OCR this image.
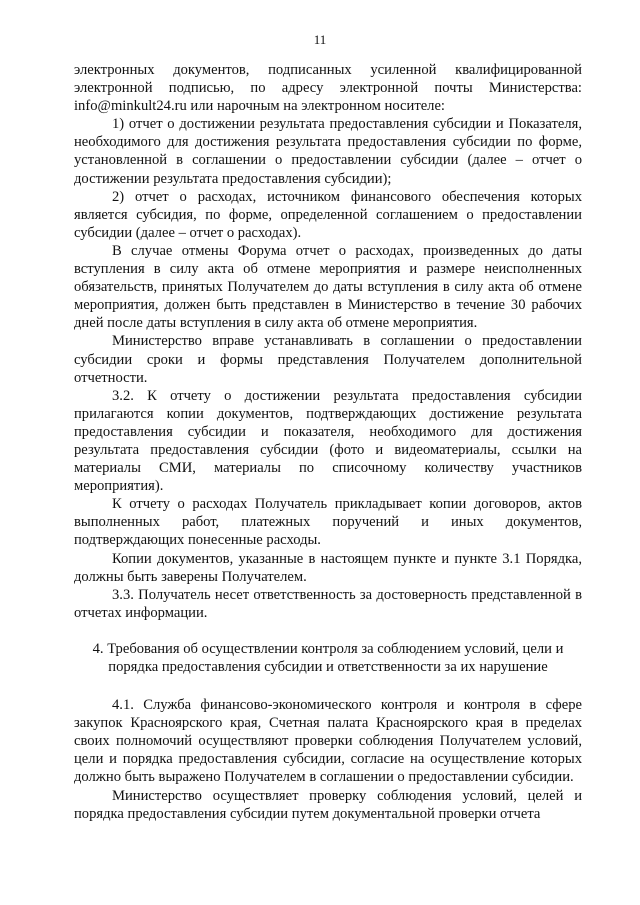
11

электронных документов, подписанных усиленной квалифицированной электронной подписью, по адресу электронной почты Министерства: info@minkult24.ru или нарочным на электронном носителе:

1) отчет о достижении результата предоставления субсидии и Показателя, необходимого для достижения результата предоставления субсидии по форме, установленной в соглашении о предоставлении субсидии (далее – отчет о достижении результата предоставления субсидии);

2) отчет о расходах, источником финансового обеспечения которых является субсидия, по форме, определенной соглашением о предоставлении субсидии (далее – отчет о расходах).

В случае отмены Форума отчет о расходах, произведенных до даты вступления в силу акта об отмене мероприятия и размере неисполненных обязательств, принятых Получателем до даты вступления в силу акта об отмене мероприятия, должен быть представлен в Министерство в течение 30 рабочих дней после даты вступления в силу акта об отмене мероприятия.

Министерство вправе устанавливать в соглашении о предоставлении субсидии сроки и формы представления Получателем дополнительной отчетности.

3.2. К отчету о достижении результата предоставления субсидии прилагаются копии документов, подтверждающих достижение результата предоставления субсидии и показателя, необходимого для достижения результата предоставления субсидии (фото и видеоматериалы, ссылки на материалы СМИ, материалы по списочному количеству участников мероприятия).

К отчету о расходах Получатель прикладывает копии договоров, актов выполненных работ, платежных поручений и иных документов, подтверждающих понесенные расходы.

Копии документов, указанные в настоящем пункте и пункте 3.1 Порядка, должны быть заверены Получателем.

3.3. Получатель несет ответственность за достоверность представленной в отчетах информации.

4. Требования об осуществлении контроля за соблюдением условий, цели и порядка предоставления субсидии и ответственности за их нарушение

4.1. Служба финансово-экономического контроля и контроля в сфере закупок Красноярского края, Счетная палата Красноярского края в пределах своих полномочий осуществляют проверки соблюдения Получателем условий, цели и порядка предоставления субсидии, согласие на осуществление которых должно быть выражено Получателем в соглашении о предоставлении субсидии.

Министерство осуществляет проверку соблюдения условий, целей и порядка предоставления субсидии путем документальной проверки отчета
